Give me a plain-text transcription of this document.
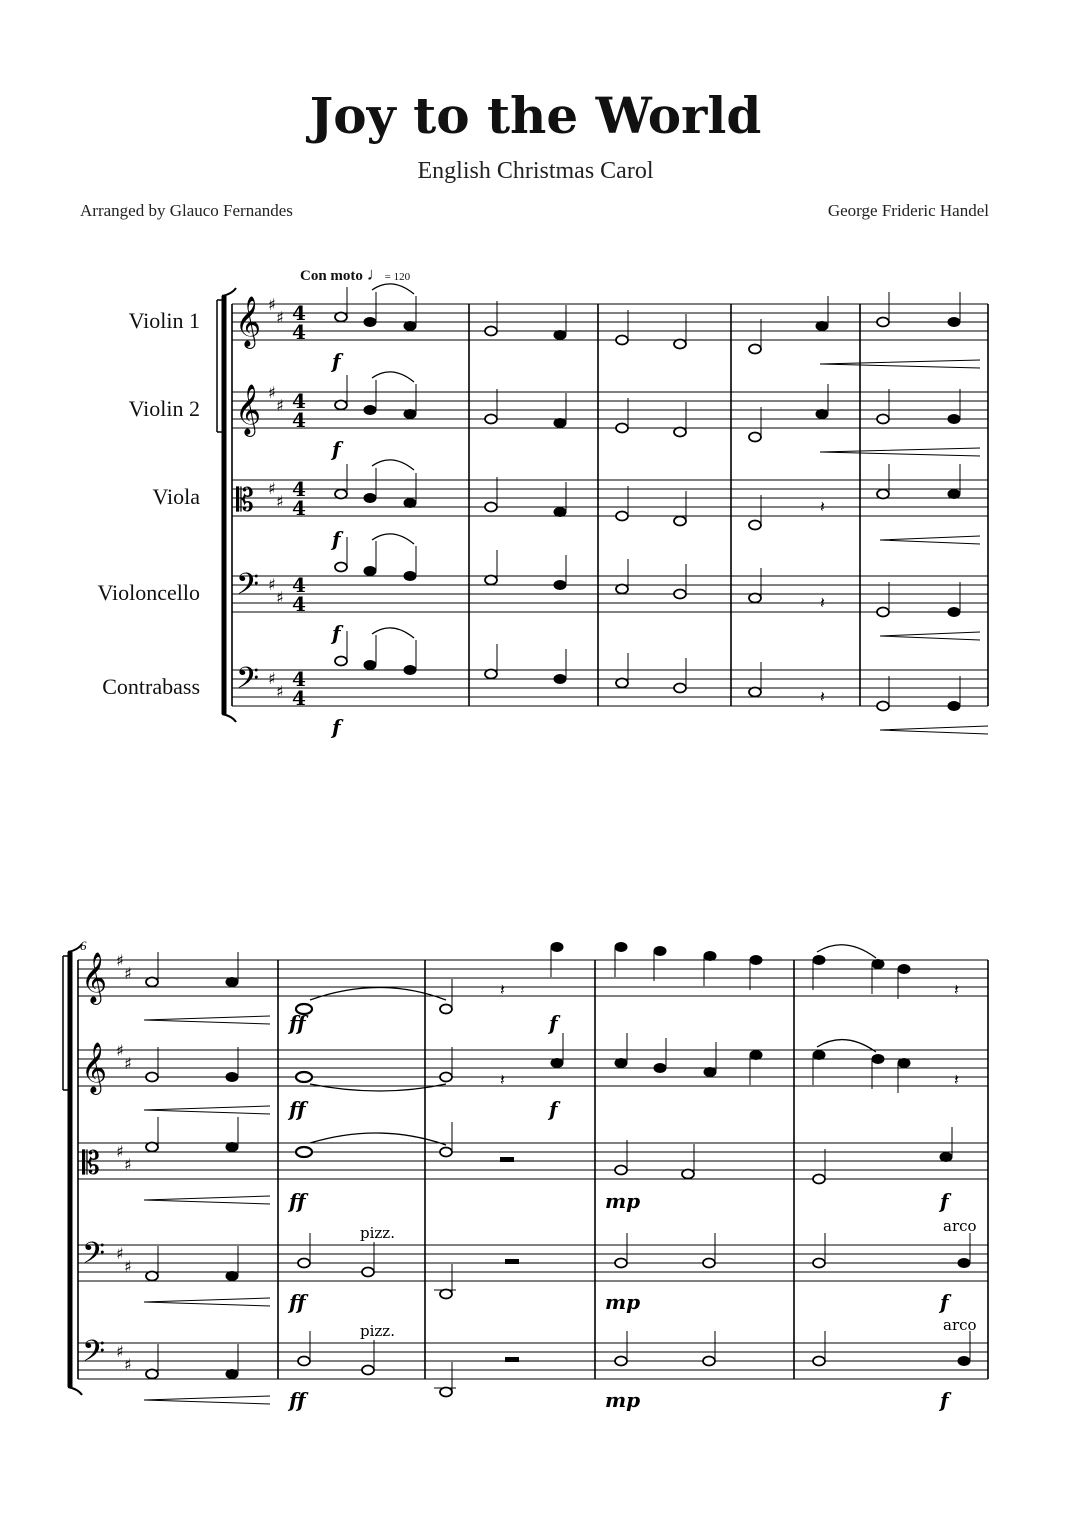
Joy to the World
English Christmas Carol
Arranged by Glauco Fernandes	George Frideric Handel
Con moto ♩= 120
Violin 1
Violin 2
Viola
Violoncello
Contrabass
6
𝄞
𝄞
𝄡
𝄢
𝄢
♯
♯
♯
♯
♯
♯
♯
♯
♯
♯
4
4
4
4
4
4
4
4
4
4
𝄽
𝄽
𝄽
f
f
f
f
f
𝄞
𝄞
𝄡
𝄢
𝄢
♯
♯
♯
♯
♯
♯
♯
♯
♯
♯
𝄽	𝄽
𝄽	𝄽
ff	f
ff	f
ff	mp	f
ff	mp	f
ff	mp	f
pizz.	arco
pizz.	arco
